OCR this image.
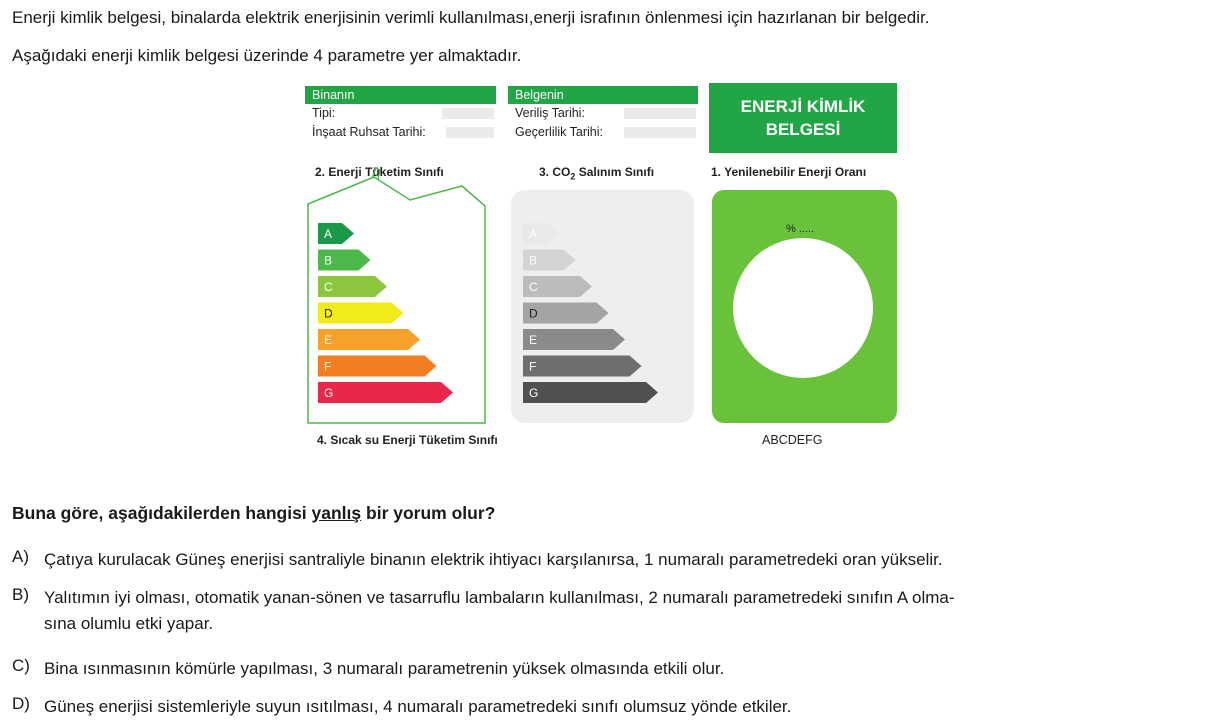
Enerji kimlik belgesi, binalarda elektrik enerjisinin verimli kullanılması,enerji israfının önlenmesi için hazırlanan bir belgedir.

Aşağıdaki enerji kimlik belgesi üzerinde 4 parametre yer almaktadır.

Binanın
Tipi:
İnşaat Ruhsat Tarihi:
Belgenin
Veriliş Tarihi:
Geçerlilik Tarihi:
ENERJİ KİMLİK
BELGESİ
2. Enerji Tüketim Sınıfı	3. $CO_2$ Salınım Sınıfı	1. Yenilenebilir Enerji Oranı
% .....
A
B
C
D
E
F
G
A
B
C
D
E
F
G
4. Sıcak su Enerji Tüketim Sınıfı	ABCDEFG

Buna göre, aşağıdakilerden hangisi yanlış bir yorum olur?

A) Çatıya kurulacak Güneş enerjisi santraliyle binanın elektrik ihtiyacı karşılanırsa, 1 numaralı parametredeki oran yükselir.
B) Yalıtımın iyi olması, otomatik yanan-sönen ve tasarruflu lambaların kullanılması, 2 numaralı parametredeki sınıfın A olma-
sına olumlu etki yapar.
C) Bina ısınmasının kömürle yapılması, 3 numaralı parametrenin yüksek olmasında etkili olur.
D) Güneş enerjisi sistemleriyle suyun ısıtılması, 4 numaralı parametredeki sınıfı olumsuz yönde etkiler.
